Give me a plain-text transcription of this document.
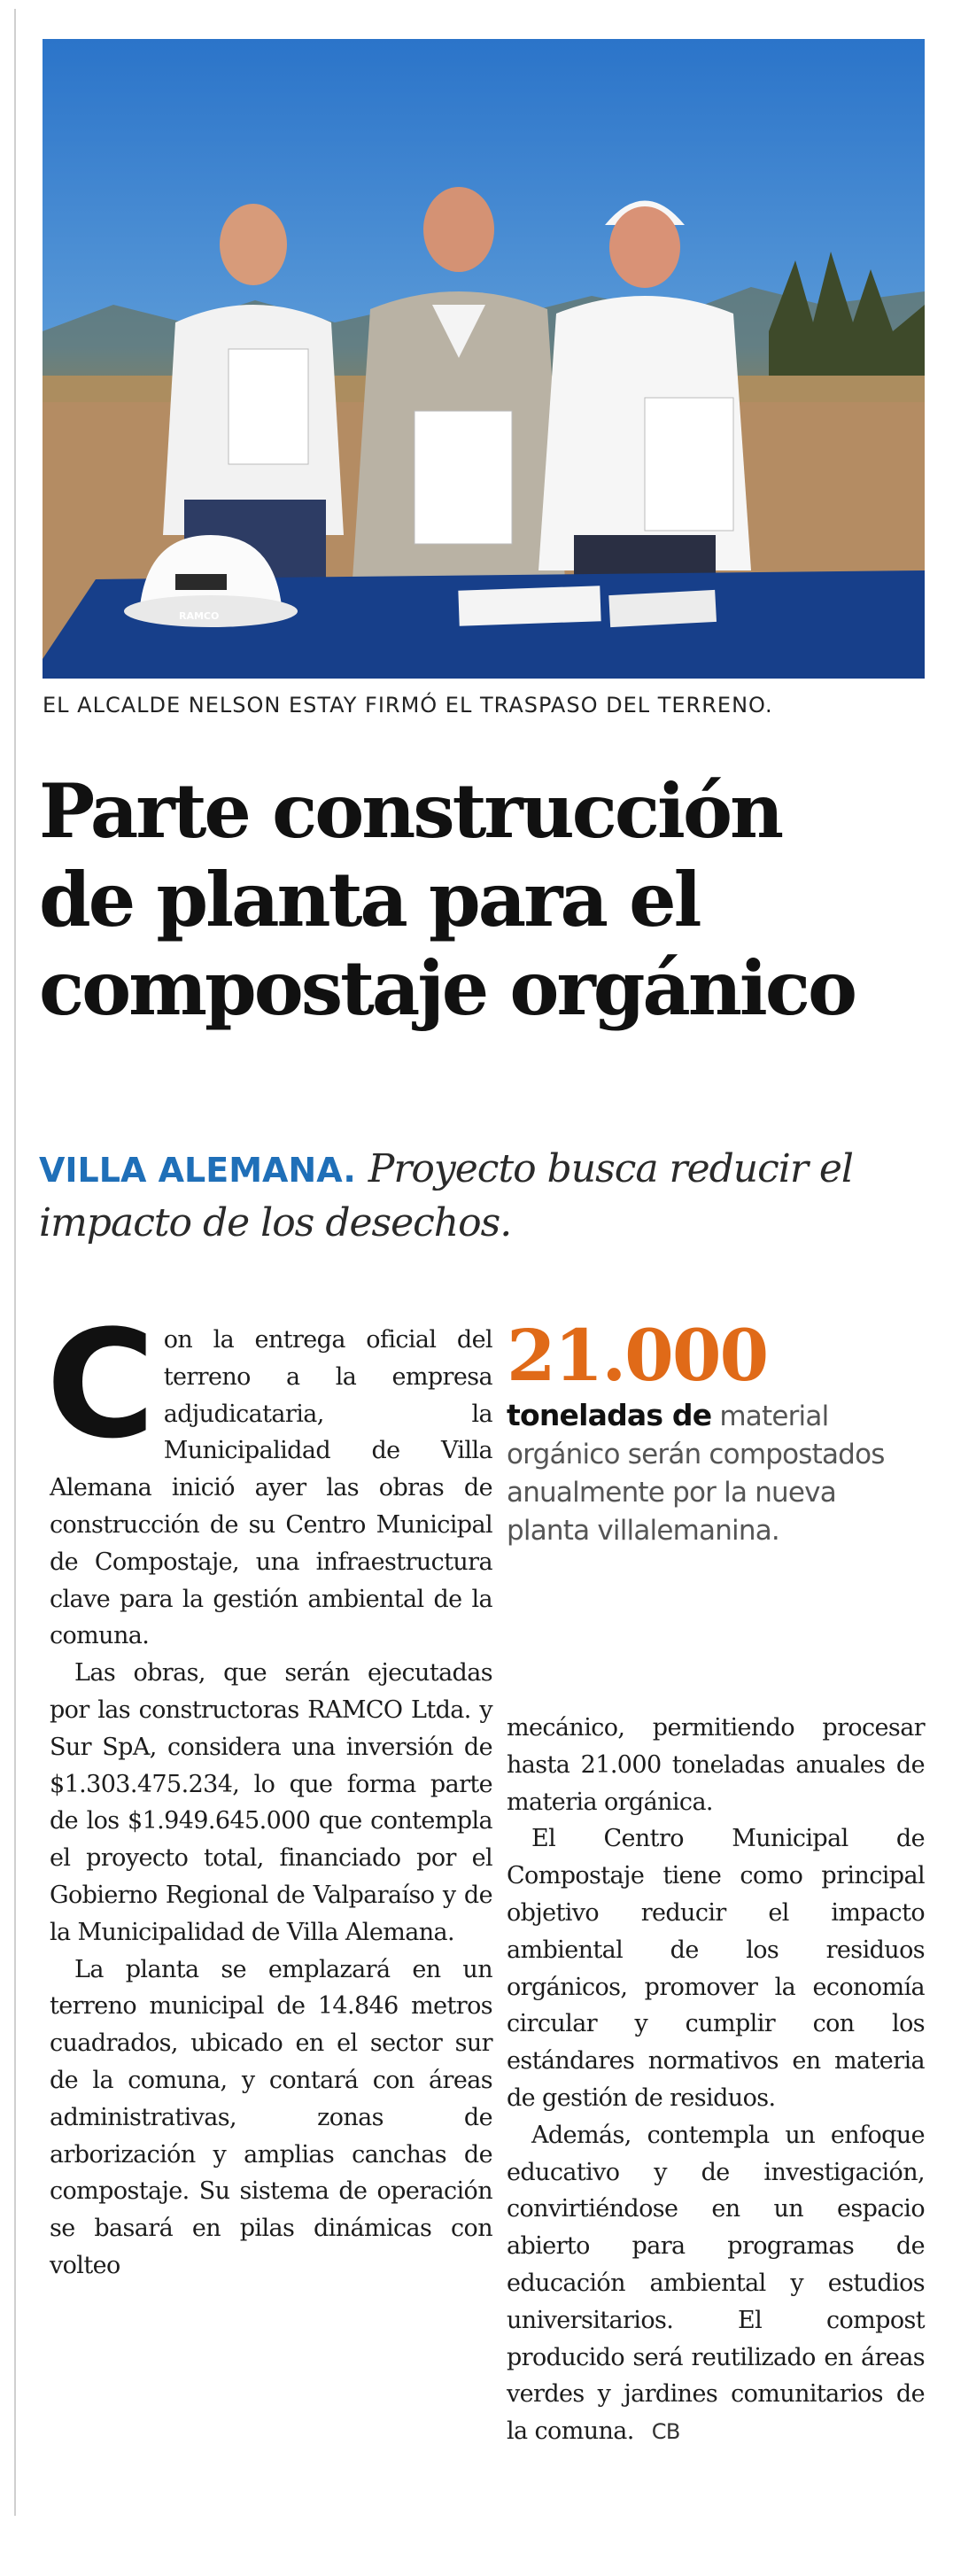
RAMCO
EL ALCALDE NELSON ESTAY FIRMÓ EL TRASPASO DEL TERRENO.
Parte construcción
de planta para el
compostaje orgánico
VILLA ALEMANA. Proyecto busca reducir el impacto de los desechos.

Con la entrega oficial del terreno a la empresa adjudicataria, la Municipalidad de Villa Alemana inició ayer las obras de construcción de su Centro Municipal de Compostaje, una infraestructura clave para la gestión ambiental de la comuna.

Las obras, que serán ejecutadas por las constructoras RAMCO Ltda. y Sur SpA, considera una inversión de $1.303.475.234, lo que forma parte de los $1.949.645.000 que contempla el proyecto total, financiado por el Gobierno Regional de Valparaíso y de la Municipalidad de Villa Alemana.

La planta se emplazará en un terreno municipal de 14.846 metros cuadrados, ubicado en el sector sur de la comuna, y contará con áreas administrativas, zonas de arborización y amplias canchas de compostaje. Su sistema de operación se basará en pilas dinámicas con volteo

21.000
toneladas de material orgánico serán compostados anualmente por la nueva planta villalemanina.

mecánico, permitiendo procesar hasta 21.000 toneladas anuales de materia orgánica.

El Centro Municipal de Compostaje tiene como principal objetivo reducir el impacto ambiental de los residuos orgánicos, promover la economía circular y cumplir con los estándares normativos en materia de gestión de residuos.

Además, contempla un enfoque educativo y de investigación, convirtiéndose en un espacio abierto para programas de educación ambiental y estudios universitarios. El compost producido será reutilizado en áreas verdes y jardines comunitarios de la comuna. CB
